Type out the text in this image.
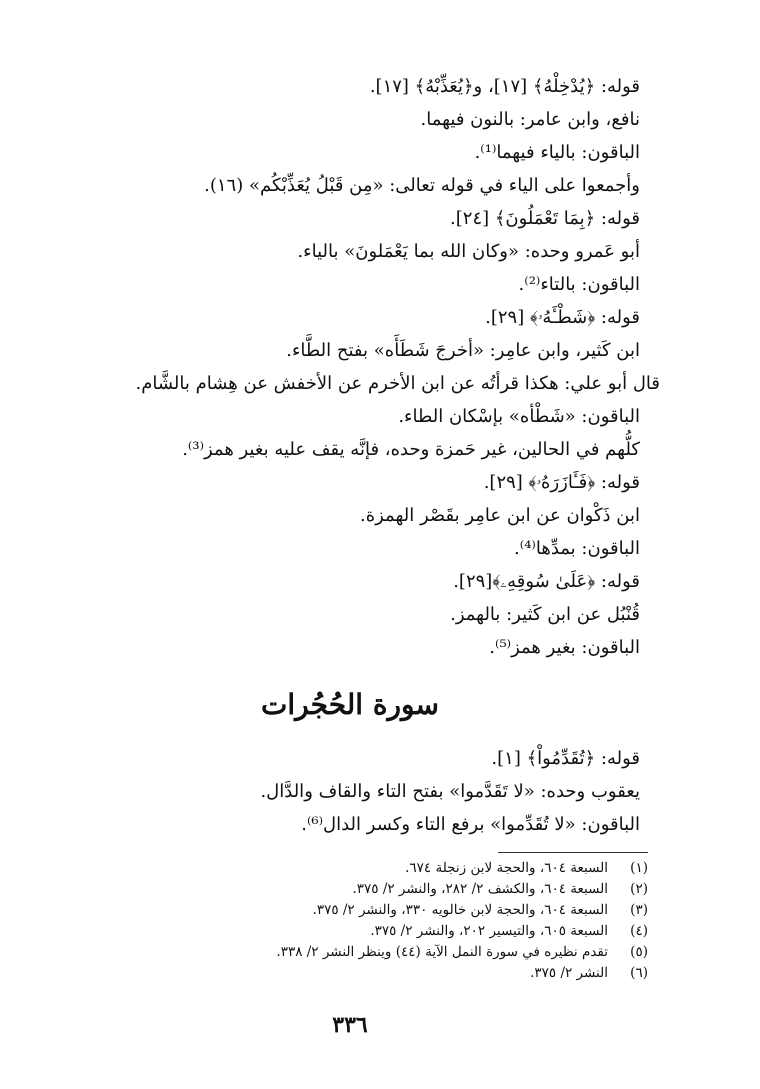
قوله: ﴿يُدْخِلْهُ﴾ [١٧]، و﴿يُعَذِّبْهُ﴾ [١٧].
نافع، وابن عامر: بالنون فيهما.
الباقون: بالياء فيهما⁽¹⁾.
وأجمعوا على الياء في قوله تعالى: «مِن قَبْلُ يُعَذِّبْكُم» (١٦).
قوله: ﴿بِمَا تَعْمَلُونَ﴾ [٢٤].
أبو عَمرو وحده: «وكان الله بما يَعْمَلونَ» بالياء.
الباقون: بالتاء⁽²⁾.
قوله: ﴿شَطْـَٔهُۥ﴾ [٢٩].
ابن كَثير، وابن عامِر: «أخرجَ شَطَأَه» بفتح الطَّاء.
قال أبو علي: هكذا قرأتُه عن ابن الأخرم عن الأخفش عن هِشام بالشَّام.
الباقون: «شَطْأه» بإسْكان الطاء.
كلُّهم في الحالين، غير حَمزة وحده، فإنَّه يقف عليه بغير همز⁽³⁾.
قوله: ﴿فَـَٔازَرَهُۥ﴾ [٢٩].
ابن ذَكْوان عن ابن عامِر بقَصْر الهمزة.
الباقون: بمدِّها⁽⁴⁾.
قوله: ﴿عَلَىٰ سُوقِهِۦ﴾[٢٩].
قُنْبُل عن ابن كَثير: بالهمز.
الباقون: بغير همز⁽⁵⁾.
سورة الحُجُرات
قوله: ﴿تُقَدِّمُواْ﴾ [١].
يعقوب وحده: «لا تَقَدَّموا» بفتح التاء والقاف والدَّال.
الباقون: «لا تُقَدِّموا» برفع التاء وكسر الدال⁽⁶⁾.
(١)
السبعة ٦٠٤، والحجة لابن زنجلة ٦٧٤.
(٢)
السبعة ٦٠٤، والكشف ٢/ ٢٨٢، والنشر ٢/ ٣٧٥.
(٣)
السبعة ٦٠٤، والحجة لابن خالويه ٣٣٠، والنشر ٢/ ٣٧٥.
(٤)
السبعة ٦٠٥، والتيسير ٢٠٢، والنشر ٢/ ٣٧٥.
(٥)
تقدم نظيره في سورة النمل الآية (٤٤) وينظر النشر ٢/ ٣٣٨.
(٦)
النشر ٢/ ٣٧٥.
٣٣٦
